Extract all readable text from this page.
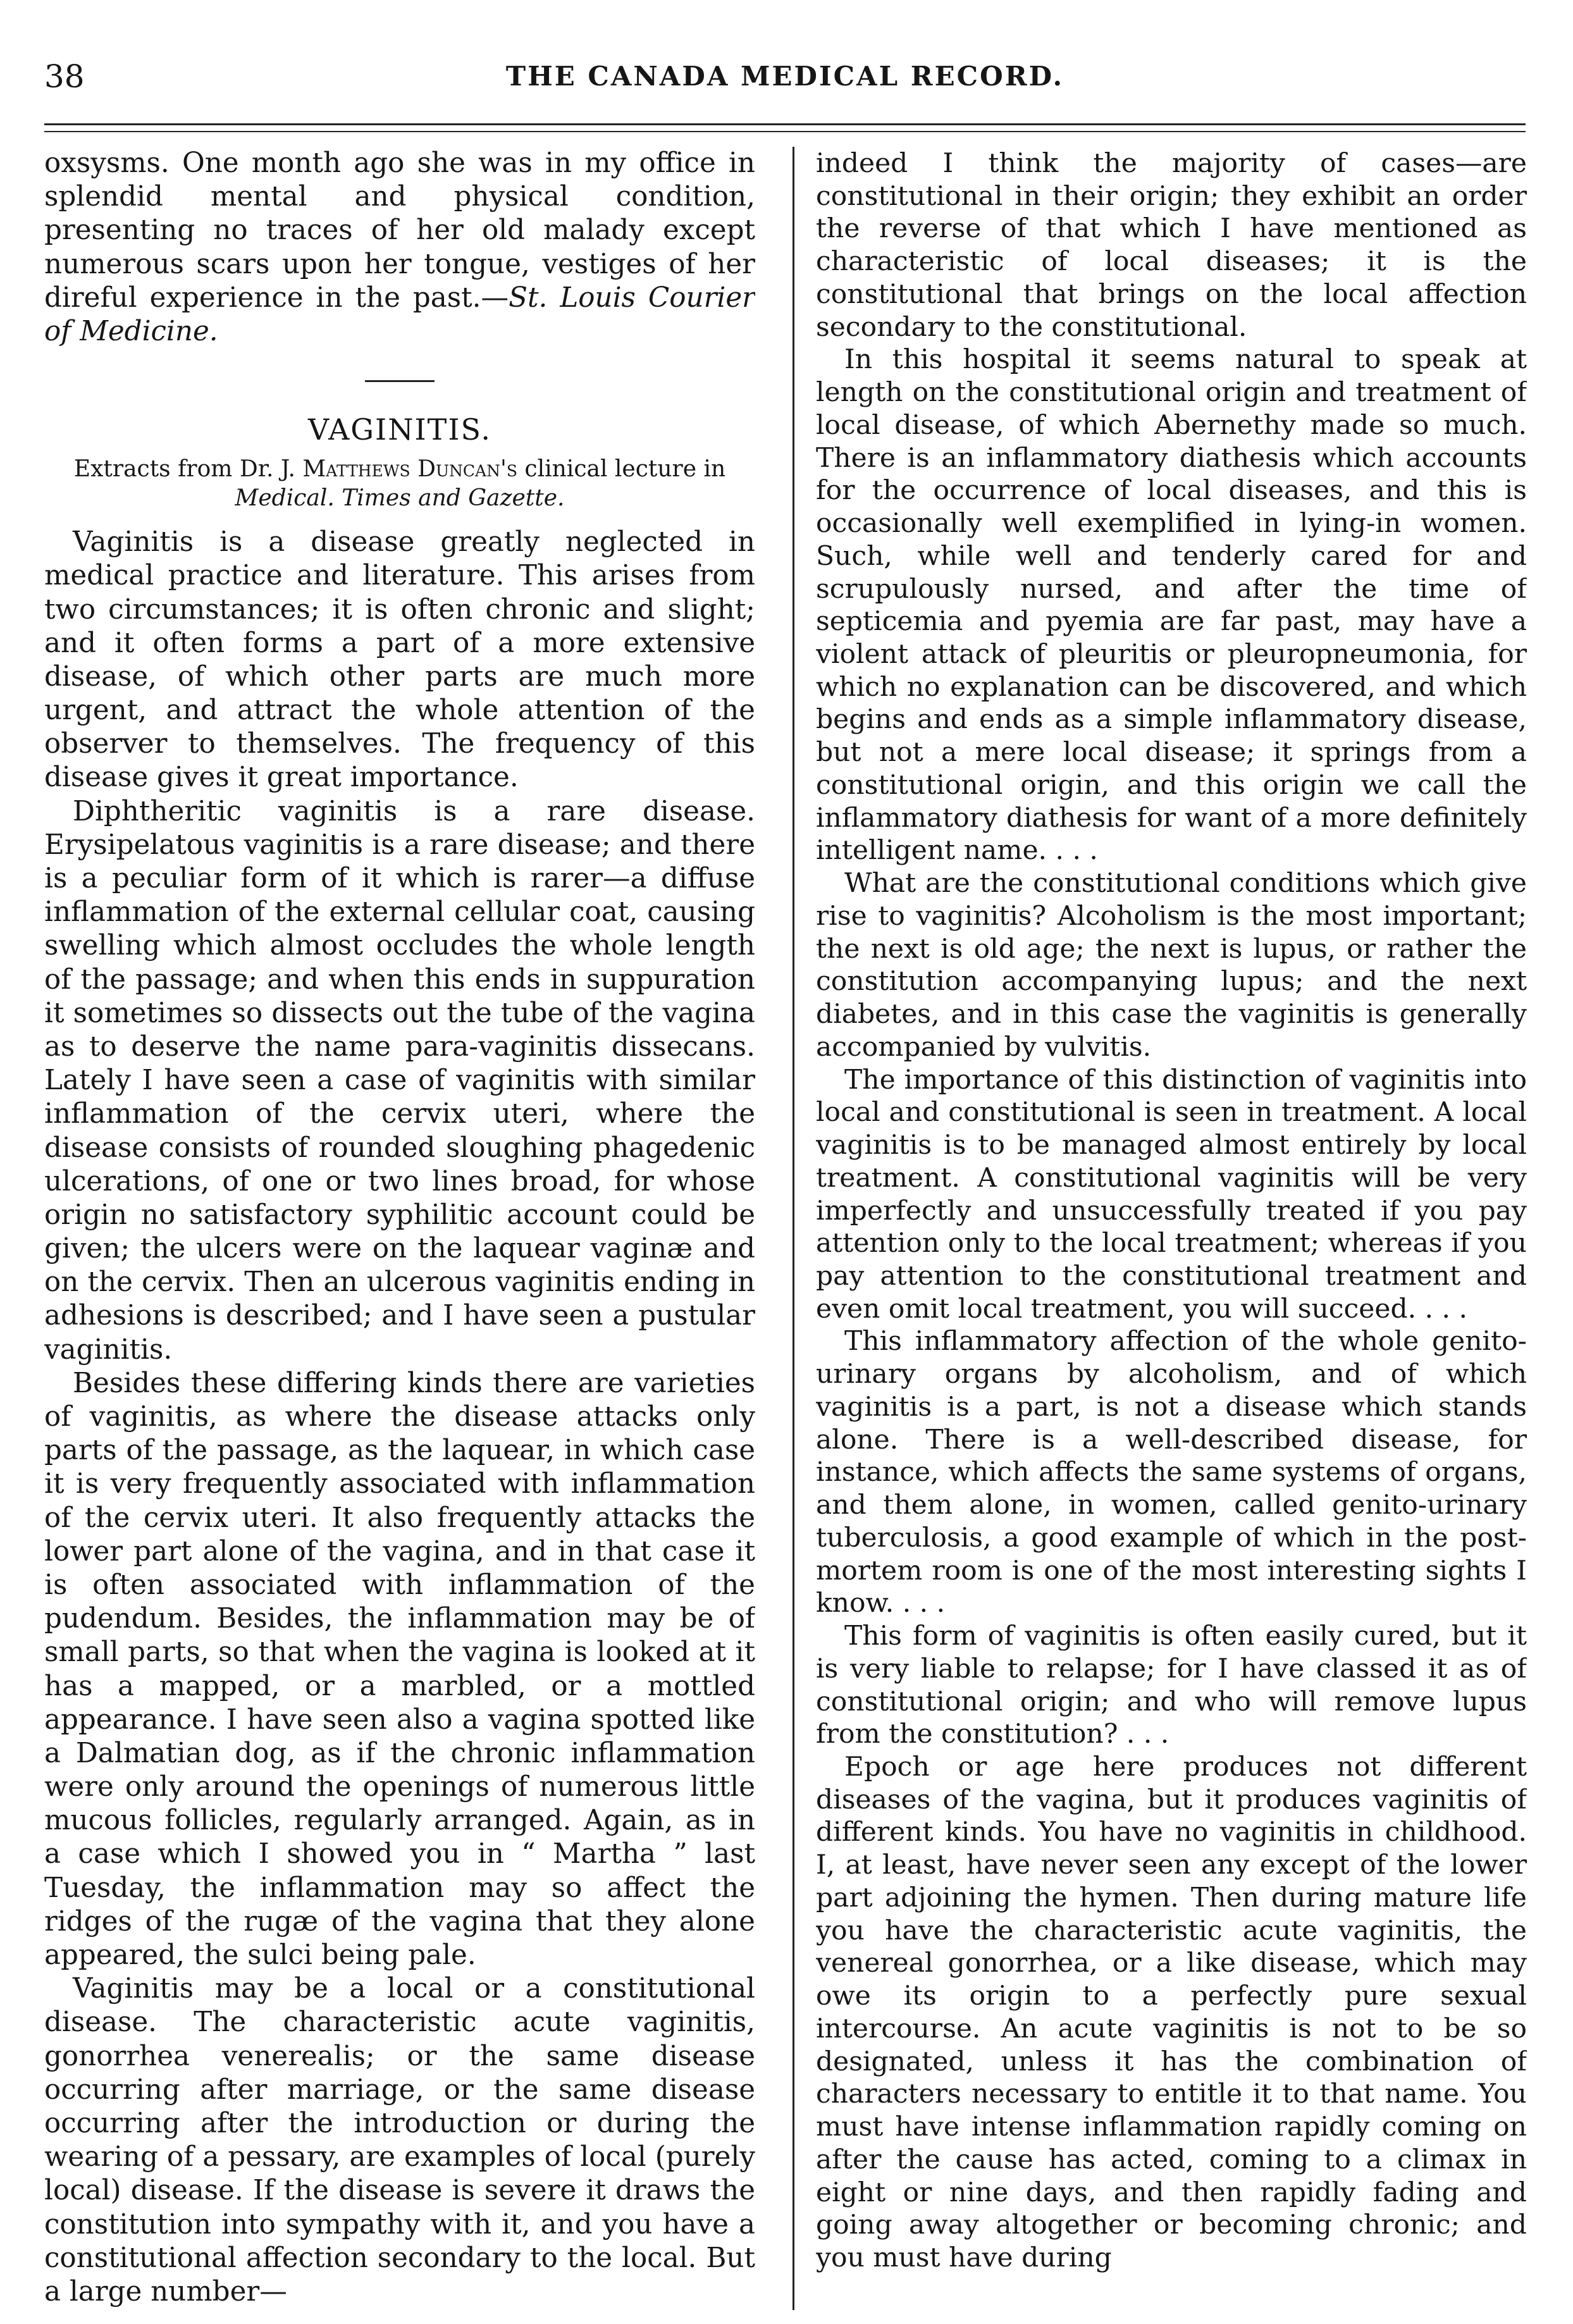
38	THE CANADA MEDICAL RECORD.

oxsysms. One month ago she was in my office in splendid mental and physical condition, presenting no traces of her old malady except numerous scars upon her tongue, vestiges of her direful experience in the past.—St. Louis Courier of Medicine.

VAGINITIS.

Extracts from Dr. J. Matthews Duncan's clinical lecture in Medical. Times and Gazette.

Vaginitis is a disease greatly neglected in medical practice and literature. This arises from two circumstances; it is often chronic and slight; and it often forms a part of a more extensive disease, of which other parts are much more urgent, and attract the whole attention of the observer to themselves. The frequency of this disease gives it great importance.

Diphtheritic vaginitis is a rare disease. Erysipelatous vaginitis is a rare disease; and there is a peculiar form of it which is rarer—a diffuse inflammation of the external cellular coat, causing swelling which almost occludes the whole length of the passage; and when this ends in suppuration it sometimes so dissects out the tube of the vagina as to deserve the name para-vaginitis dissecans. Lately I have seen a case of vaginitis with similar inflammation of the cervix uteri, where the disease consists of rounded sloughing phagedenic ulcerations, of one or two lines broad, for whose origin no satisfactory syphilitic account could be given; the ulcers were on the laquear vaginæ and on the cervix. Then an ulcerous vaginitis ending in adhesions is described; and I have seen a pustular vaginitis.

Besides these differing kinds there are varieties of vaginitis, as where the disease attacks only parts of the passage, as the laquear, in which case it is very frequently associated with inflammation of the cervix uteri. It also frequently attacks the lower part alone of the vagina, and in that case it is often associated with inflammation of the pudendum. Besides, the inflammation may be of small parts, so that when the vagina is looked at it has a mapped, or a marbled, or a mottled appearance. I have seen also a vagina spotted like a Dalmatian dog, as if the chronic inflammation were only around the openings of numerous little mucous follicles, regularly arranged. Again, as in a case which I showed you in “ Martha ” last Tuesday, the inflammation may so affect the ridges of the rugæ of the vagina that they alone appeared, the sulci being pale.

Vaginitis may be a local or a constitutional disease. The characteristic acute vaginitis, gonorrhea venerealis; or the same disease occurring after marriage, or the same disease occurring after the introduction or during the wearing of a pessary, are examples of local (purely local) disease. If the disease is severe it draws the constitution into sympathy with it, and you have a constitutional affection secondary to the local. But a large number—

indeed I think the majority of cases—are constitutional in their origin; they exhibit an order the reverse of that which I have mentioned as characteristic of local diseases; it is the constitutional that brings on the local affection secondary to the constitutional.

In this hospital it seems natural to speak at length on the constitutional origin and treatment of local disease, of which Abernethy made so much. There is an inflammatory diathesis which accounts for the occurrence of local diseases, and this is occasionally well exemplified in lying-in women. Such, while well and tenderly cared for and scrupulously nursed, and after the time of septicemia and pyemia are far past, may have a violent attack of pleuritis or pleuropneumonia, for which no explanation can be discovered, and which begins and ends as a simple inflammatory disease, but not a mere local disease; it springs from a constitutional origin, and this origin we call the inflammatory diathesis for want of a more definitely intelligent name. . . .

What are the constitutional conditions which give rise to vaginitis? Alcoholism is the most important; the next is old age; the next is lupus, or rather the constitution accompanying lupus; and the next diabetes, and in this case the vaginitis is generally accompanied by vulvitis.

The importance of this distinction of vaginitis into local and constitutional is seen in treatment. A local vaginitis is to be managed almost entirely by local treatment. A constitutional vaginitis will be very imperfectly and unsuccessfully treated if you pay attention only to the local treatment; whereas if you pay attention to the constitutional treatment and even omit local treatment, you will succeed. . . .

This inflammatory affection of the whole genito-urinary organs by alcoholism, and of which vaginitis is a part, is not a disease which stands alone. There is a well-described disease, for instance, which affects the same systems of organs, and them alone, in women, called genito-urinary tuberculosis, a good example of which in the post-mortem room is one of the most interesting sights I know. . . .

This form of vaginitis is often easily cured, but it is very liable to relapse; for I have classed it as of constitutional origin; and who will remove lupus from the constitution? . . .

Epoch or age here produces not different diseases of the vagina, but it produces vaginitis of different kinds. You have no vaginitis in childhood. I, at least, have never seen any except of the lower part adjoining the hymen. Then during mature life you have the characteristic acute vaginitis, the venereal gonorrhea, or a like disease, which may owe its origin to a perfectly pure sexual intercourse. An acute vaginitis is not to be so designated, unless it has the combination of characters necessary to entitle it to that name. You must have intense inflammation rapidly coming on after the cause has acted, coming to a climax in eight or nine days, and then rapidly fading and going away altogether or becoming chronic; and you must have during
